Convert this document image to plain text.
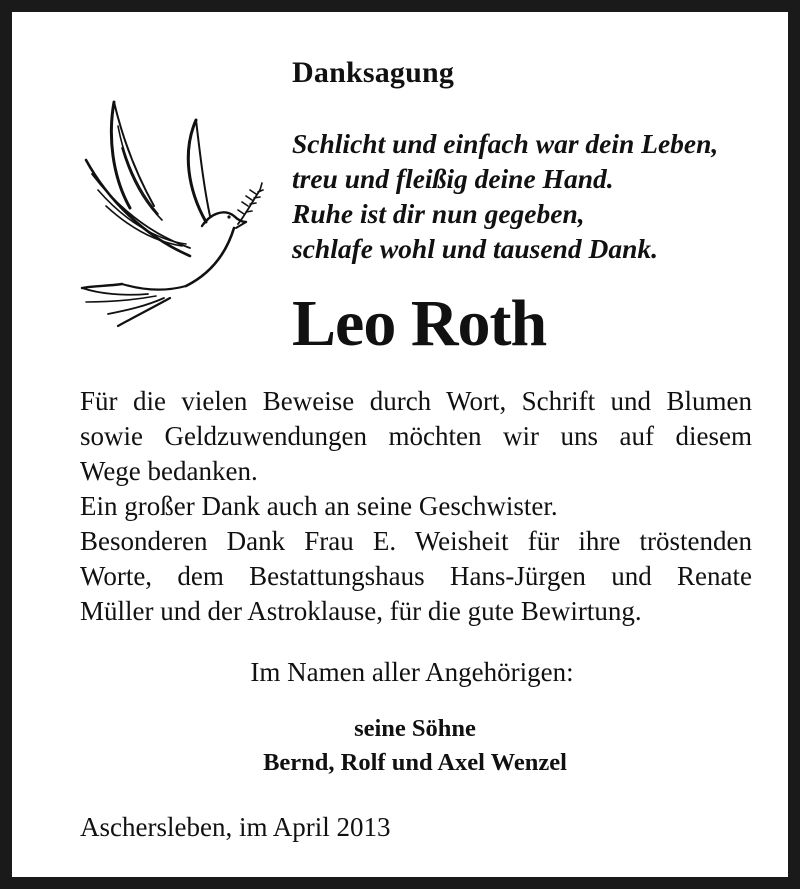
Danksagung
Schlicht und einfach war dein Leben,
treu und fleißig deine Hand.
Ruhe ist dir nun gegeben,
schlafe wohl und tausend Dank.
Leo Roth
Für die vielen Beweise durch Wort, Schrift und Blumen
sowie Geldzuwendungen möchten wir uns auf diesem
Wege bedanken.
Ein großer Dank auch an seine Geschwister.
Besonderen Dank Frau E. Weisheit für ihre tröstenden
Worte, dem Bestattungshaus Hans-Jürgen und Renate
Müller und der Astroklause, für die gute Bewirtung.
Im Namen aller Angehörigen:
seine Söhne
Bernd, Rolf und Axel Wenzel
Aschersleben, im April 2013
